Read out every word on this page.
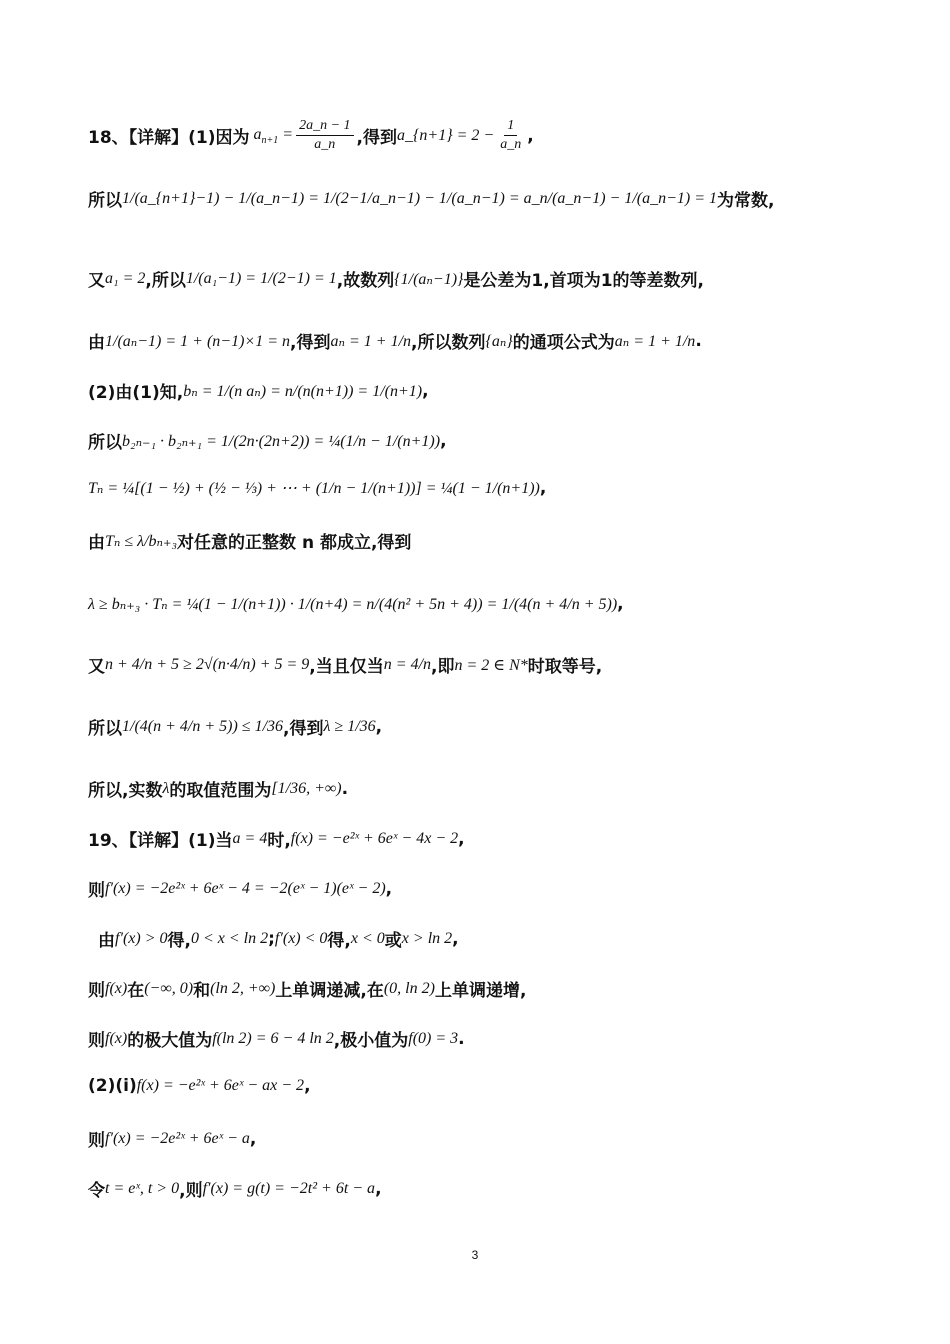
18、【详解】(1)因为 $a_{n+1} = \frac{2a\_n - 1}{a\_n}$ ,得到 a_{n+1} = $2 - \frac{1}{a\_n}$ ,
所以 1/(a_{n+1}−1) − 1/(a_n−1) = 1/(2−1/a_n−1) − 1/(a_n−1) = a_n/(a_n−1) − 1/(a_n−1) = 1 为常数,
又 a₁ = 2 ,所以 1/(a₁−1) = 1/(2−1) = 1 ,故数列 {1/(aₙ−1)} 是公差为1,首项为1的等差数列,
由 1/(aₙ−1) = 1 + (n−1)×1 = n ,得到 aₙ = 1 + 1/n ,所以数列 {aₙ} 的通项公式为 aₙ = 1 + 1/n .
(2)由(1)知, bₙ = 1/(n aₙ) = n/(n(n+1)) = 1/(n+1) ,
所以 b₂ₙ₋₁ · b₂ₙ₊₁ = 1/(2n·(2n+2)) = ¼(1/n − 1/(n+1)) ,
Tₙ = ¼[(1 − ½) + (½ − ⅓) + ⋯ + (1/n − 1/(n+1))] = ¼(1 − 1/(n+1)) ,
由 Tₙ ≤ λ/bₙ₊₃ 对任意的正整数 n 都成立,得到
λ ≥ bₙ₊₃ · Tₙ = ¼(1 − 1/(n+1)) · 1/(n+4) = n/(4(n² + 5n + 4)) = 1/(4(n + 4/n + 5)) ,
又 n + 4/n + 5 ≥ 2√(n·4/n) + 5 = 9 ,当且仅当 n = 4/n ,即 n = 2 ∈ N* 时取等号,
所以 1/(4(n + 4/n + 5)) ≤ 1/36 ,得到 λ ≥ 1/36 ,
所以,实数 λ 的取值范围为 [1/36, +∞) .
19、【详解】(1)当 a = 4 时, f(x) = −e²ˣ + 6eˣ − 4x − 2 ,
则 f′(x) = −2e²ˣ + 6eˣ − 4 = −2(eˣ − 1)(eˣ − 2) ,
由 f′(x) > 0 得, 0 < x < ln 2 ; f′(x) < 0 得, x < 0 或 x > ln 2 ,
则 f(x) 在 (−∞, 0) 和 (ln 2, +∞) 上单调递减,在 (0, ln 2) 上单调递增,
则 f(x) 的极大值为 f(ln 2) = 6 − 4 ln 2 ,极小值为 f(0) = 3 .
(2)(i) f(x) = −e²ˣ + 6eˣ − ax − 2 ,
则 f′(x) = −2e²ˣ + 6eˣ − a ,
令 t = eˣ, t > 0 ,则 f′(x) = g(t) = −2t² + 6t − a ,
3
